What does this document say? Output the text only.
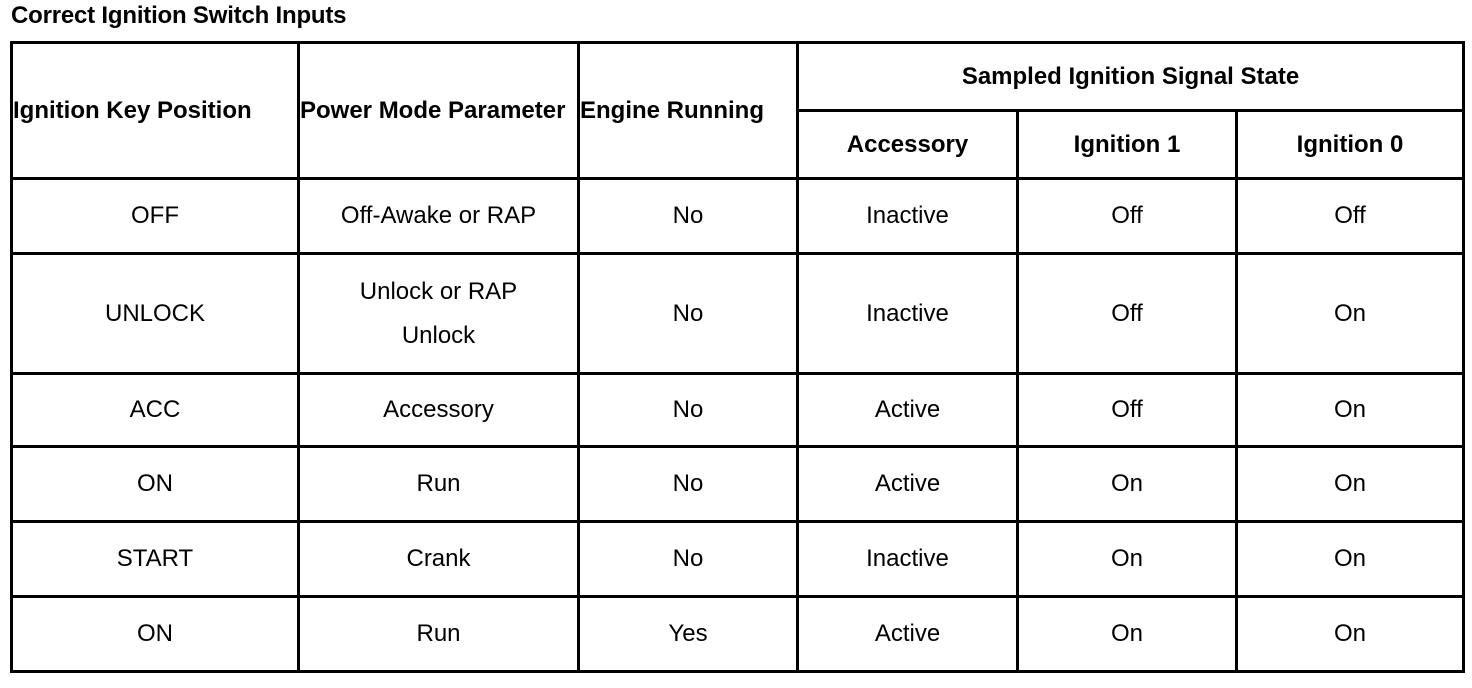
Correct Ignition Switch Inputs
Ignition Key Position	Power Mode Parameter	Engine Running	Sampled Ignition Signal State		
			Accessory	Ignition 1	Ignition 0
OFF	Off-Awake or RAP	No	Inactive	Off	Off
UNLOCK	Unlock or RAP Unlock	No	Inactive	Off	On
ACC	Accessory	No	Active	Off	On
ON	Run	No	Active	On	On
START	Crank	No	Inactive	On	On
ON	Run	Yes	Active	On	On
